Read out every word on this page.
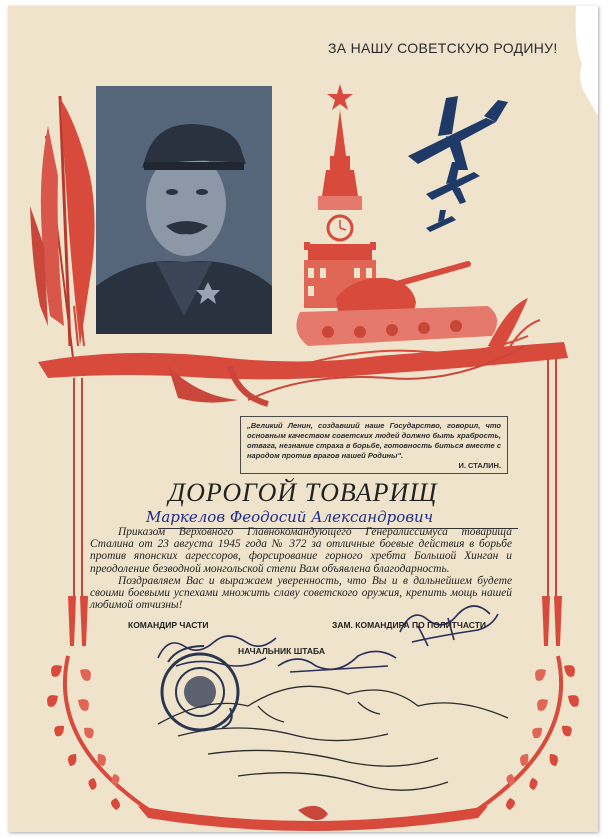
ЗА НАШУ СОВЕТСКУЮ РОДИНУ!
„Великий Ленин, создавший наше Государство, говорил, что основным качеством советских людей должно быть храбрость, отвага, незнание страха в борьбе, готовность биться вместе с народом против врагов нашей Родины".
И. СТАЛИН.
ДОРОГОЙ ТОВАРИЩ
Маркелов Феодосий Александрович

Приказом Верховного Главнокомандующего Генералиссимуса товарища Сталина от 23 августа 1945 года № 372 за отличные боевые действия в борьбе против японских агрессоров, форсирование горного хребта Большой Хинган и преодоление безводной монгольской степи Вам объявлена благодарность.

Поздравляем Вас и выражаем уверенность, что Вы и в дальнейшем будете своими боевыми успехами множить славу советского оружия, крепить мощь нашей любимой отчизны!

КОМАНДИР ЧАСТИ	ЗАМ. КОМАНДИРА ПО ПОЛИТЧАСТИ
НАЧАЛЬНИК ШТАБА
